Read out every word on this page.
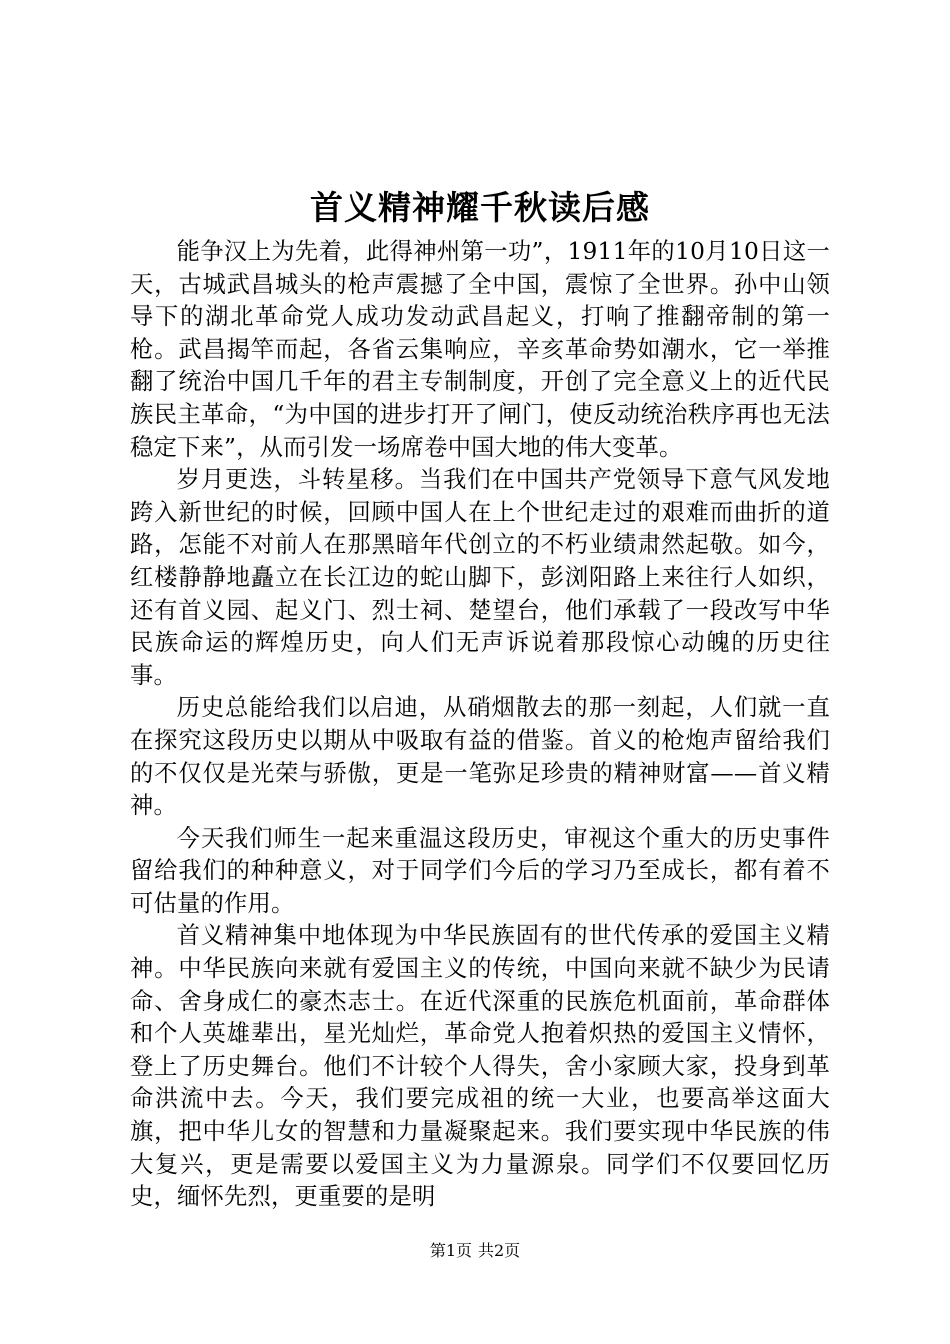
首义精神耀千秋读后感

能争汉上为先着，此得神州第一功”，1911年的10月10日这一天，古城武昌城头的枪声震撼了全中国，震惊了全世界。孙中山领导下的湖北革命党人成功发动武昌起义，打响了推翻帝制的第一枪。武昌揭竿而起，各省云集响应，辛亥革命势如潮水，它一举推翻了统治中国几千年的君主专制制度，开创了完全意义上的近代民族民主革命，“为中国的进步打开了闸门，使反动统治秩序再也无法稳定下来”，从而引发一场席卷中国大地的伟大变革。

岁月更迭，斗转星移。当我们在中国共产党领导下意气风发地跨入新世纪的时候，回顾中国人在上个世纪走过的艰难而曲折的道路，怎能不对前人在那黑暗年代创立的不朽业绩肃然起敬。如今，红楼静静地矗立在长江边的蛇山脚下，彭浏阳路上来往行人如织，还有首义园、起义门、烈士祠、楚望台，他们承载了一段改写中华民族命运的辉煌历史，向人们无声诉说着那段惊心动魄的历史往事。

历史总能给我们以启迪，从硝烟散去的那一刻起，人们就一直在探究这段历史以期从中吸取有益的借鉴。首义的枪炮声留给我们的不仅仅是光荣与骄傲，更是一笔弥足珍贵的精神财富——首义精神。

今天我们师生一起来重温这段历史，审视这个重大的历史事件留给我们的种种意义，对于同学们今后的学习乃至成长，都有着不可估量的作用。

首义精神集中地体现为中华民族固有的世代传承的爱国主义精神。中华民族向来就有爱国主义的传统，中国向来就不缺少为民请命、舍身成仁的豪杰志士。在近代深重的民族危机面前，革命群体和个人英雄辈出，星光灿烂，革命党人抱着炽热的爱国主义情怀，登上了历史舞台。他们不计较个人得失，舍小家顾大家，投身到革命洪流中去。今天，我们要完成祖的统一大业，也要高举这面大旗，把中华儿女的智慧和力量凝聚起来。我们要实现中华民族的伟大复兴，更是需要以爱国主义为力量源泉。同学们不仅要回忆历史，缅怀先烈，更重要的是明

第1页 共2页
